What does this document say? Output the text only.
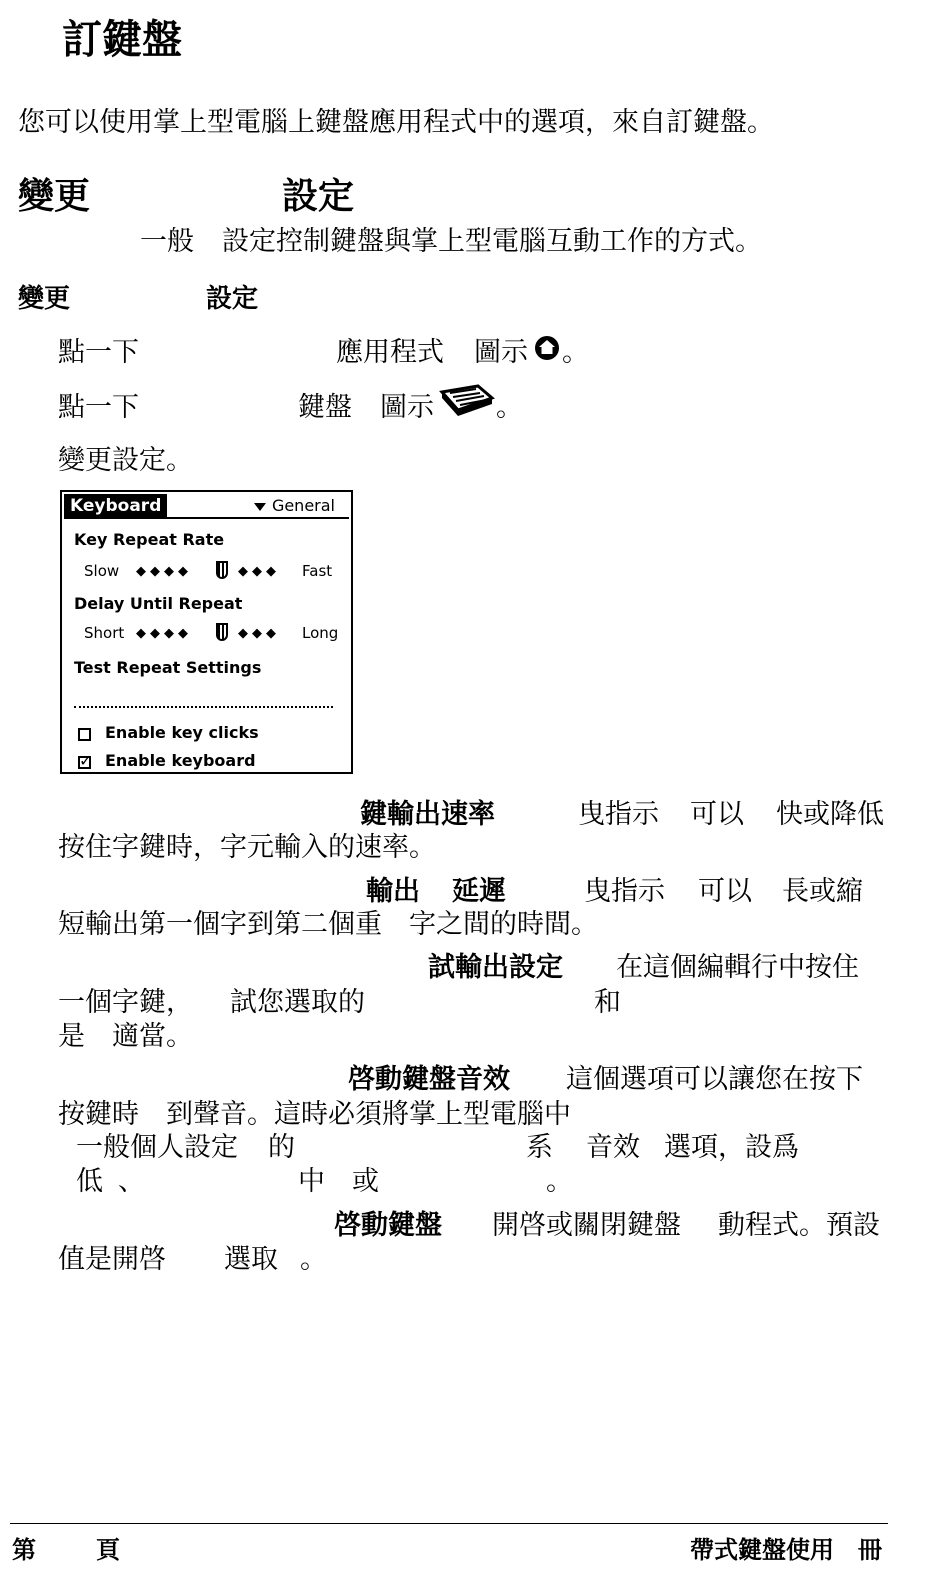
訂鍵盤
您可以使用掌上型電腦上鍵盤應用程式中的選項，來自訂鍵盤。
變更	設定
一般 設定控制鍵盤與掌上型電腦互動工作的方式。
變更	設定
點一下	應用程式 圖示 。
點一下	鍵盤 圖示 。
變更設定。
Keyboard	General
Key Repeat Rate
Slow ◆◆◆◆	◆◆◆ Fast
Delay Until Repeat
Short ◆◆◆◆	◆◆◆ Long
Test Repeat Settings
Enable key clicks
✓ Enable keyboard
鍵輸出速率	曳指示 可以 快或降低
按住字鍵時，字元輸入的速率。
輸出 延遲	曳指示 可以 長或縮
短輸出第一個字到第二個重　字之間的時間。
試輸出設定 在這個編輯行中按住
一個字鍵， 試您選取的	和
是　適當。
啓動鍵盤音效 這個選項可以讓您在按下
按鍵時　到聲音。這時必須將掌上型電腦中
一般個人設定 的	系 音效 選項，設爲
低 、	中 或	。
啓動鍵盤 開啓或關閉鍵盤 動程式。預設
值是開啓 選取 。
第	頁	帶式鍵盤使用　冊
